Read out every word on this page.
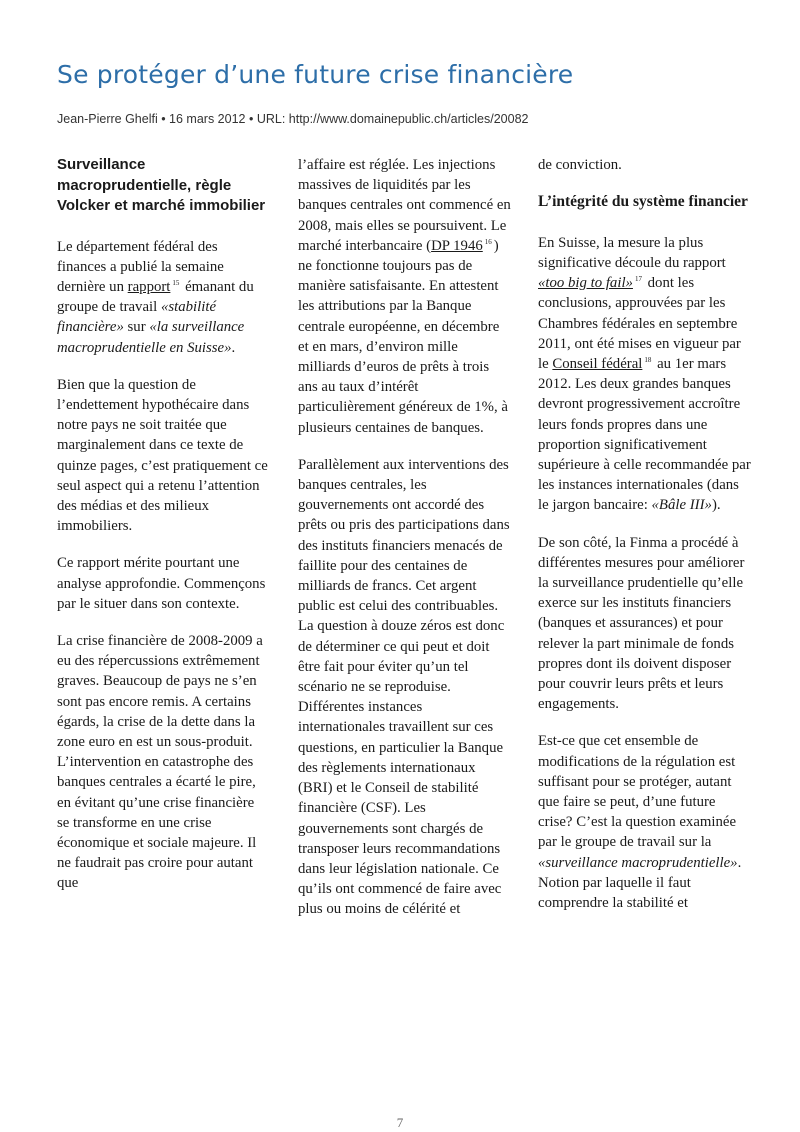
Se protéger d’une future crise financière
Jean-Pierre Ghelfi • 16 mars 2012 • URL: http://www.domainepublic.ch/articles/20082
Surveillance macroprudentielle, règle Volcker et marché immobilier

Le département fédéral des finances a publié la semaine dernière un rapport $^{15}$ émanant du groupe de travail «stabilité financière» sur «la surveillance macroprudentielle en Suisse».

Bien que la question de l’endettement hypothécaire dans notre pays ne soit traitée que marginalement dans ce texte de quinze pages, c’est pratiquement ce seul aspect qui a retenu l’attention des médias et des milieux immobiliers.

Ce rapport mérite pourtant une analyse approfondie. Commençons par le situer dans son contexte.

La crise financière de 2008-2009 a eu des répercussions extrêmement graves. Beaucoup de pays ne s’en sont pas encore remis. A certains égards, la crise de la dette dans la zone euro en est un sous-produit. L’intervention en catastrophe des banques centrales a écarté le pire, en évitant qu’une crise financière se transforme en une crise économique et sociale majeure. Il ne faudrait pas croire pour autant que

l’affaire est réglée. Les injections massives de liquidités par les banques centrales ont commencé en 2008, mais elles se poursuivent. Le marché interbancaire (DP 1946 $^{16}$ ) ne fonctionne toujours pas de manière satisfaisante. En attestent les attributions par la Banque centrale européenne, en décembre et en mars, d’environ mille milliards d’euros de prêts à trois ans au taux d’intérêt particulièrement généreux de 1%, à plusieurs centaines de banques.

Parallèlement aux interventions des banques centrales, les gouvernements ont accordé des prêts ou pris des participations dans des instituts financiers menacés de faillite pour des centaines de milliards de francs. Cet argent public est celui des contribuables. La question à douze zéros est donc de déterminer ce qui peut et doit être fait pour éviter qu’un tel scénario ne se reproduise. Différentes instances internationales travaillent sur ces questions, en particulier la Banque des règlements internationaux (BRI) et le Conseil de stabilité financière (CSF). Les gouvernements sont chargés de transposer leurs recommandations dans leur législation nationale. Ce qu’ils ont commencé de faire avec plus ou moins de célérité et

de conviction.

L’intégrité du système financier

En Suisse, la mesure la plus significative découle du rapport «too big to fail» $^{17}$ dont les conclusions, approuvées par les Chambres fédérales en septembre 2011, ont été mises en vigueur par le Conseil fédéral $^{18}$ au 1er mars 2012. Les deux grandes banques devront progressivement accroître leurs fonds propres dans une proportion significativement supérieure à celle recommandée par les instances internationales (dans le jargon bancaire: «Bâle III»).

De son côté, la Finma a procédé à différentes mesures pour améliorer la surveillance prudentielle qu’elle exerce sur les instituts financiers (banques et assurances) et pour relever la part minimale de fonds propres dont ils doivent disposer pour couvrir leurs prêts et leurs engagements.

Est-ce que cet ensemble de modifications de la régulation est suffisant pour se protéger, autant que faire se peut, d’une future crise? C’est la question examinée par le groupe de travail sur la «surveillance macroprudentielle». Notion par laquelle il faut comprendre la stabilité et

7
